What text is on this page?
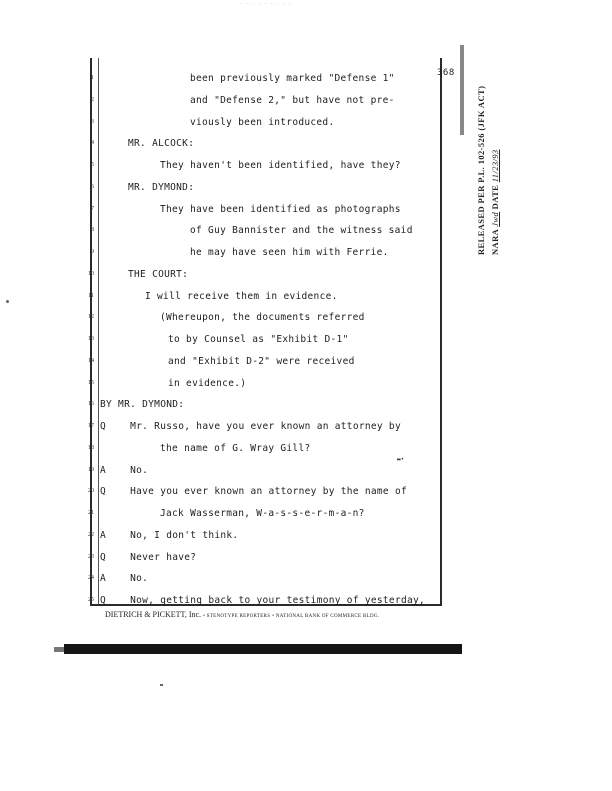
· · · · · · · · ·
368
1	been previously marked "Defense 1"
2	and "Defense 2," but have not pre-
3	viously been introduced.
4	MR. ALCOCK:
5	They haven't been identified, have they?
6	MR. DYMOND:
7	They have been identified as photographs
8	of Guy Bannister and the witness said
9	he may have seen him with Ferrie.
10	THE COURT:
11	I will receive them in evidence.
12	(Whereupon, the documents referred
13	to by Counsel as "Exhibit D-1"
14	and "Exhibit D-2" were received
15	in evidence.)
16 BY MR. DYMOND:
17 Q    Mr. Russo, have you ever known an attorney by
18	the name of G. Wray Gill?
19 A    No.
20 Q    Have you ever known an attorney by the name of
21	Jack Wasserman, W-a-s-s-e-r-m-a-n?
22 A    No, I don't think.
23 Q    Never have?
24 A    No.
25 Q    Now, getting back to your testimony of yesterday,
▬•
DIETRICH & PICKETT, Inc. • STENOTYPE REPORTERS • NATIONAL BANK OF COMMERCE BLDG.
RELEASED PER P.L. 102-526 (JFK ACT) NARA Jwd DATE 11/23/93
